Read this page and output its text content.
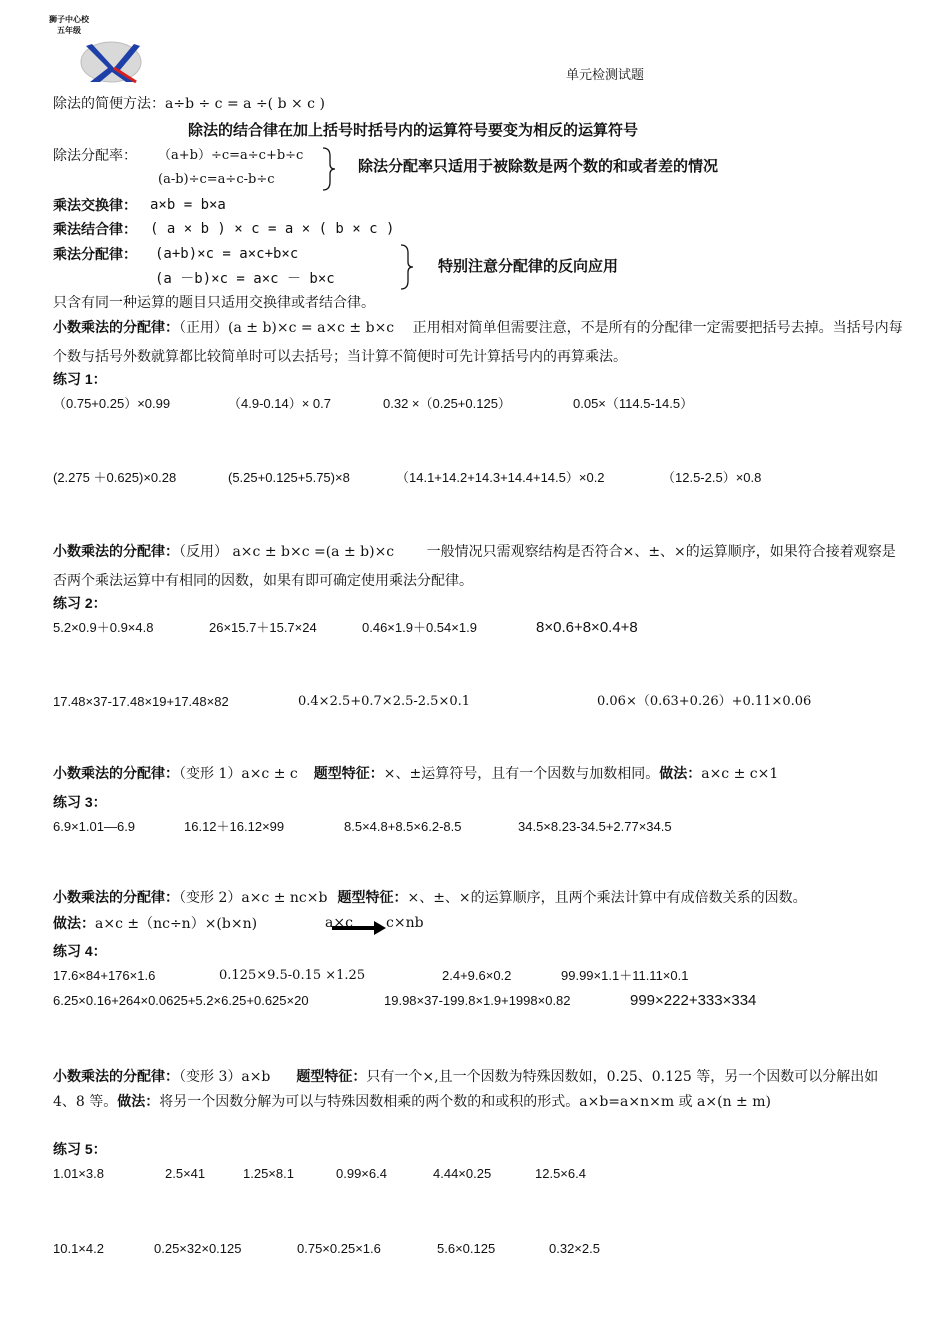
狮子中心校
五年级
单元检测试题
除法的简便方法：a÷b ÷ c = a ÷( b × c )
除法的结合律在加上括号时括号内的运算符号要变为相反的运算符号
除法分配率： （a+b）÷c=a÷c+b÷c
(a-b)÷c=a÷c-b÷c
除法分配率只适用于被除数是两个数的和或者差的情况
乘法交换律： a×b = b×a
乘法结合律： ( a × b ) × c = a × ( b × c )
乘法分配律： (a+b)×c = a×c+b×c
(a －b)×c = a×c － b×c
特别注意分配律的反向应用
只含有同一种运算的题目只适用交换律或者结合律。
小数乘法的分配律：（正用）(a ± b)×c = a×c ± b×c　 正用相对简单但需要注意，不是所有的分配律一定需要把括号去掉。当括号内每个数与括号外数就算都比较简单时可以去括号；当计算不简便时可先计算括号内的再算乘法。
练习 1：
（0.75+0.25）×0.99	（4.9-0.14）× 0.7	0.32 ×（0.25+0.125）	0.05×（114.5-14.5）
(2.275 ＋0.625)×0.28	(5.25+0.125+5.75)×8	（14.1+14.2+14.3+14.4+14.5）×0.2	（12.5-2.5）×0.8
小数乘法的分配律：（反用） a×c ± b×c =(a ± b)×c　　 一般情况只需观察结构是否符合×、±、×的运算顺序，如果符合接着观察是否两个乘法运算中有相同的因数，如果有即可确定使用乘法分配律。
练习 2：
5.2×0.9＋0.9×4.8	26×15.7＋15.7×24	0.46×1.9＋0.54×1.9	8×0.6+8×0.4+8
17.48×37-17.48×19+17.48×82	0.4×2.5+0.7×2.5-2.5×0.1	0.06×（0.63+0.26）+0.11×0.06
小数乘法的分配律：（变形 1）a×c ± c 题型特征：×、±运算符号，且有一个因数与加数相同。做法：a×c ± c×1
练习 3：
6.9×1.01—6.9	16.12＋16.12×99	8.5×4.8+8.5×6.2-8.5	34.5×8.23-34.5+2.77×34.5
小数乘法的分配律：（变形 2）a×c ± nc×b 题型特征：×、±、×的运算顺序，且两个乘法计算中有成倍数关系的因数。
做法：a×c ±（nc÷n）×(b×n)	a×c c×nb
练习 4：
17.6×84+176×1.6	0.125×9.5-0.15 ×1.25	2.4+9.6×0.2	99.99×1.1＋11.11×0.1
6.25×0.16+264×0.0625+5.2×6.25+0.625×20	19.98×37-199.8×1.9+1998×0.82	999×222+333×334
小数乘法的分配律：（变形 3）a×b　题型特征：只有一个×,且一个因数为特殊因数如，0.25、0.125 等，另一个因数可以分解出如 4、8 等。做法：将另一个因数分解为可以与特殊因数相乘的两个数的和或积的形式。a×b=a×n×m 或 a×(n ± m)
练习 5：
1.01×3.8	2.5×41	1.25×8.1	0.99×6.4	4.44×0.25	12.5×6.4
10.1×4.2	0.25×32×0.125	0.75×0.25×1.6	5.6×0.125	0.32×2.5
